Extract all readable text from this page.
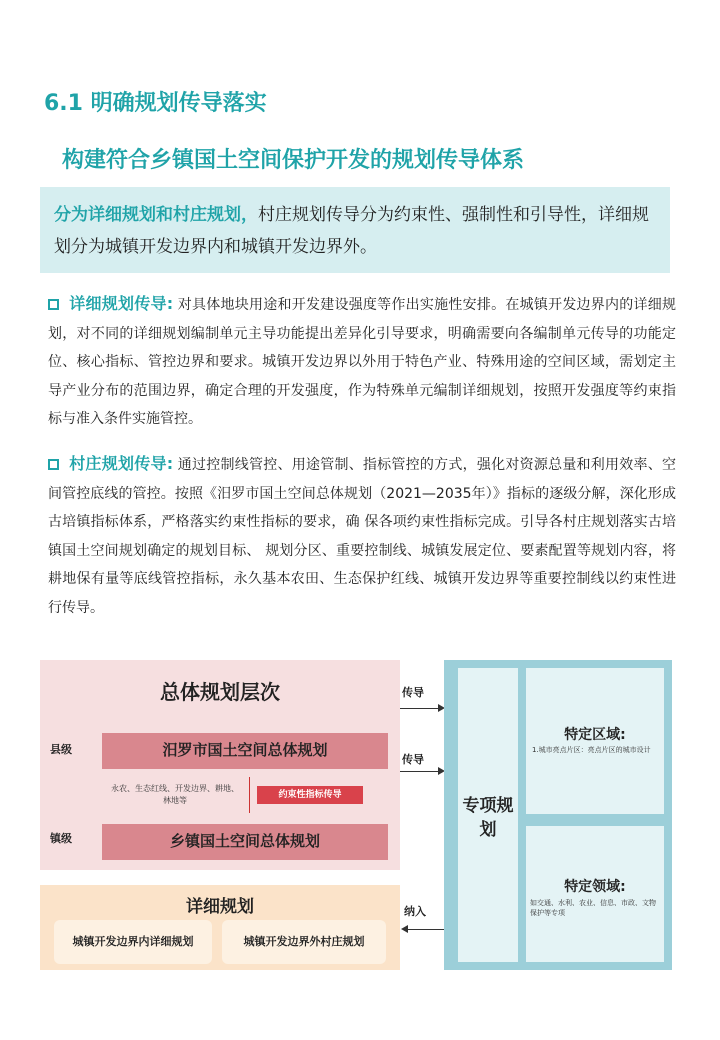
6.1 明确规划传导落实
构建符合乡镇国土空间保护开发的规划传导体系
分为详细规划和村庄规划，村庄规划传导分为约束性、强制性和引导性，详细规划分为城镇开发边界内和城镇开发边界外。
详细规划传导: 对具体地块用途和开发建设强度等作出实施性安排。在城镇开发边界内的详细规划，对不同的详细规划编制单元主导功能提出差异化引导要求，明确需要向各编制单元传导的功能定位、核心指标、管控边界和要求。城镇开发边界以外用于特色产业、特殊用途的空间区域，需划定主导产业分布的范围边界，确定合理的开发强度，作为特殊单元编制详细规划，按照开发强度等约束指标与准入条件实施管控。
村庄规划传导: 通过控制线管控、用途管制、指标管控的方式，强化对资源总量和利用效率、空间管控底线的管控。按照《汨罗市国土空间总体规划（2021—2035年）》指标的逐级分解，深化形成古培镇指标体系，严格落实约束性指标的要求，确 保各项约束性指标完成。引导各村庄规划落实古培镇国土空间规划确定的规划目标、 规划分区、重要控制线、城镇发展定位、要素配置等规划内容，将耕地保有量等底线管控指标，永久基本农田、生态保护红线、城镇开发边界等重要控制线以约束性进行传导。
总体规划层次
县级	汨罗市国土空间总体规划
永农、生态红线、开发边界、耕地、林地等
约束性指标传导
镇级	乡镇国土空间总体规划
详细规划
城镇开发边界内详细规划	城镇开发边界外村庄规划
传导
传导
纳入
专项规划
特定区域:
1.城市亮点片区：亮点片区的城市设计
特定领域:
如交通、水利、农业、信息、市政、文物保护等专项
